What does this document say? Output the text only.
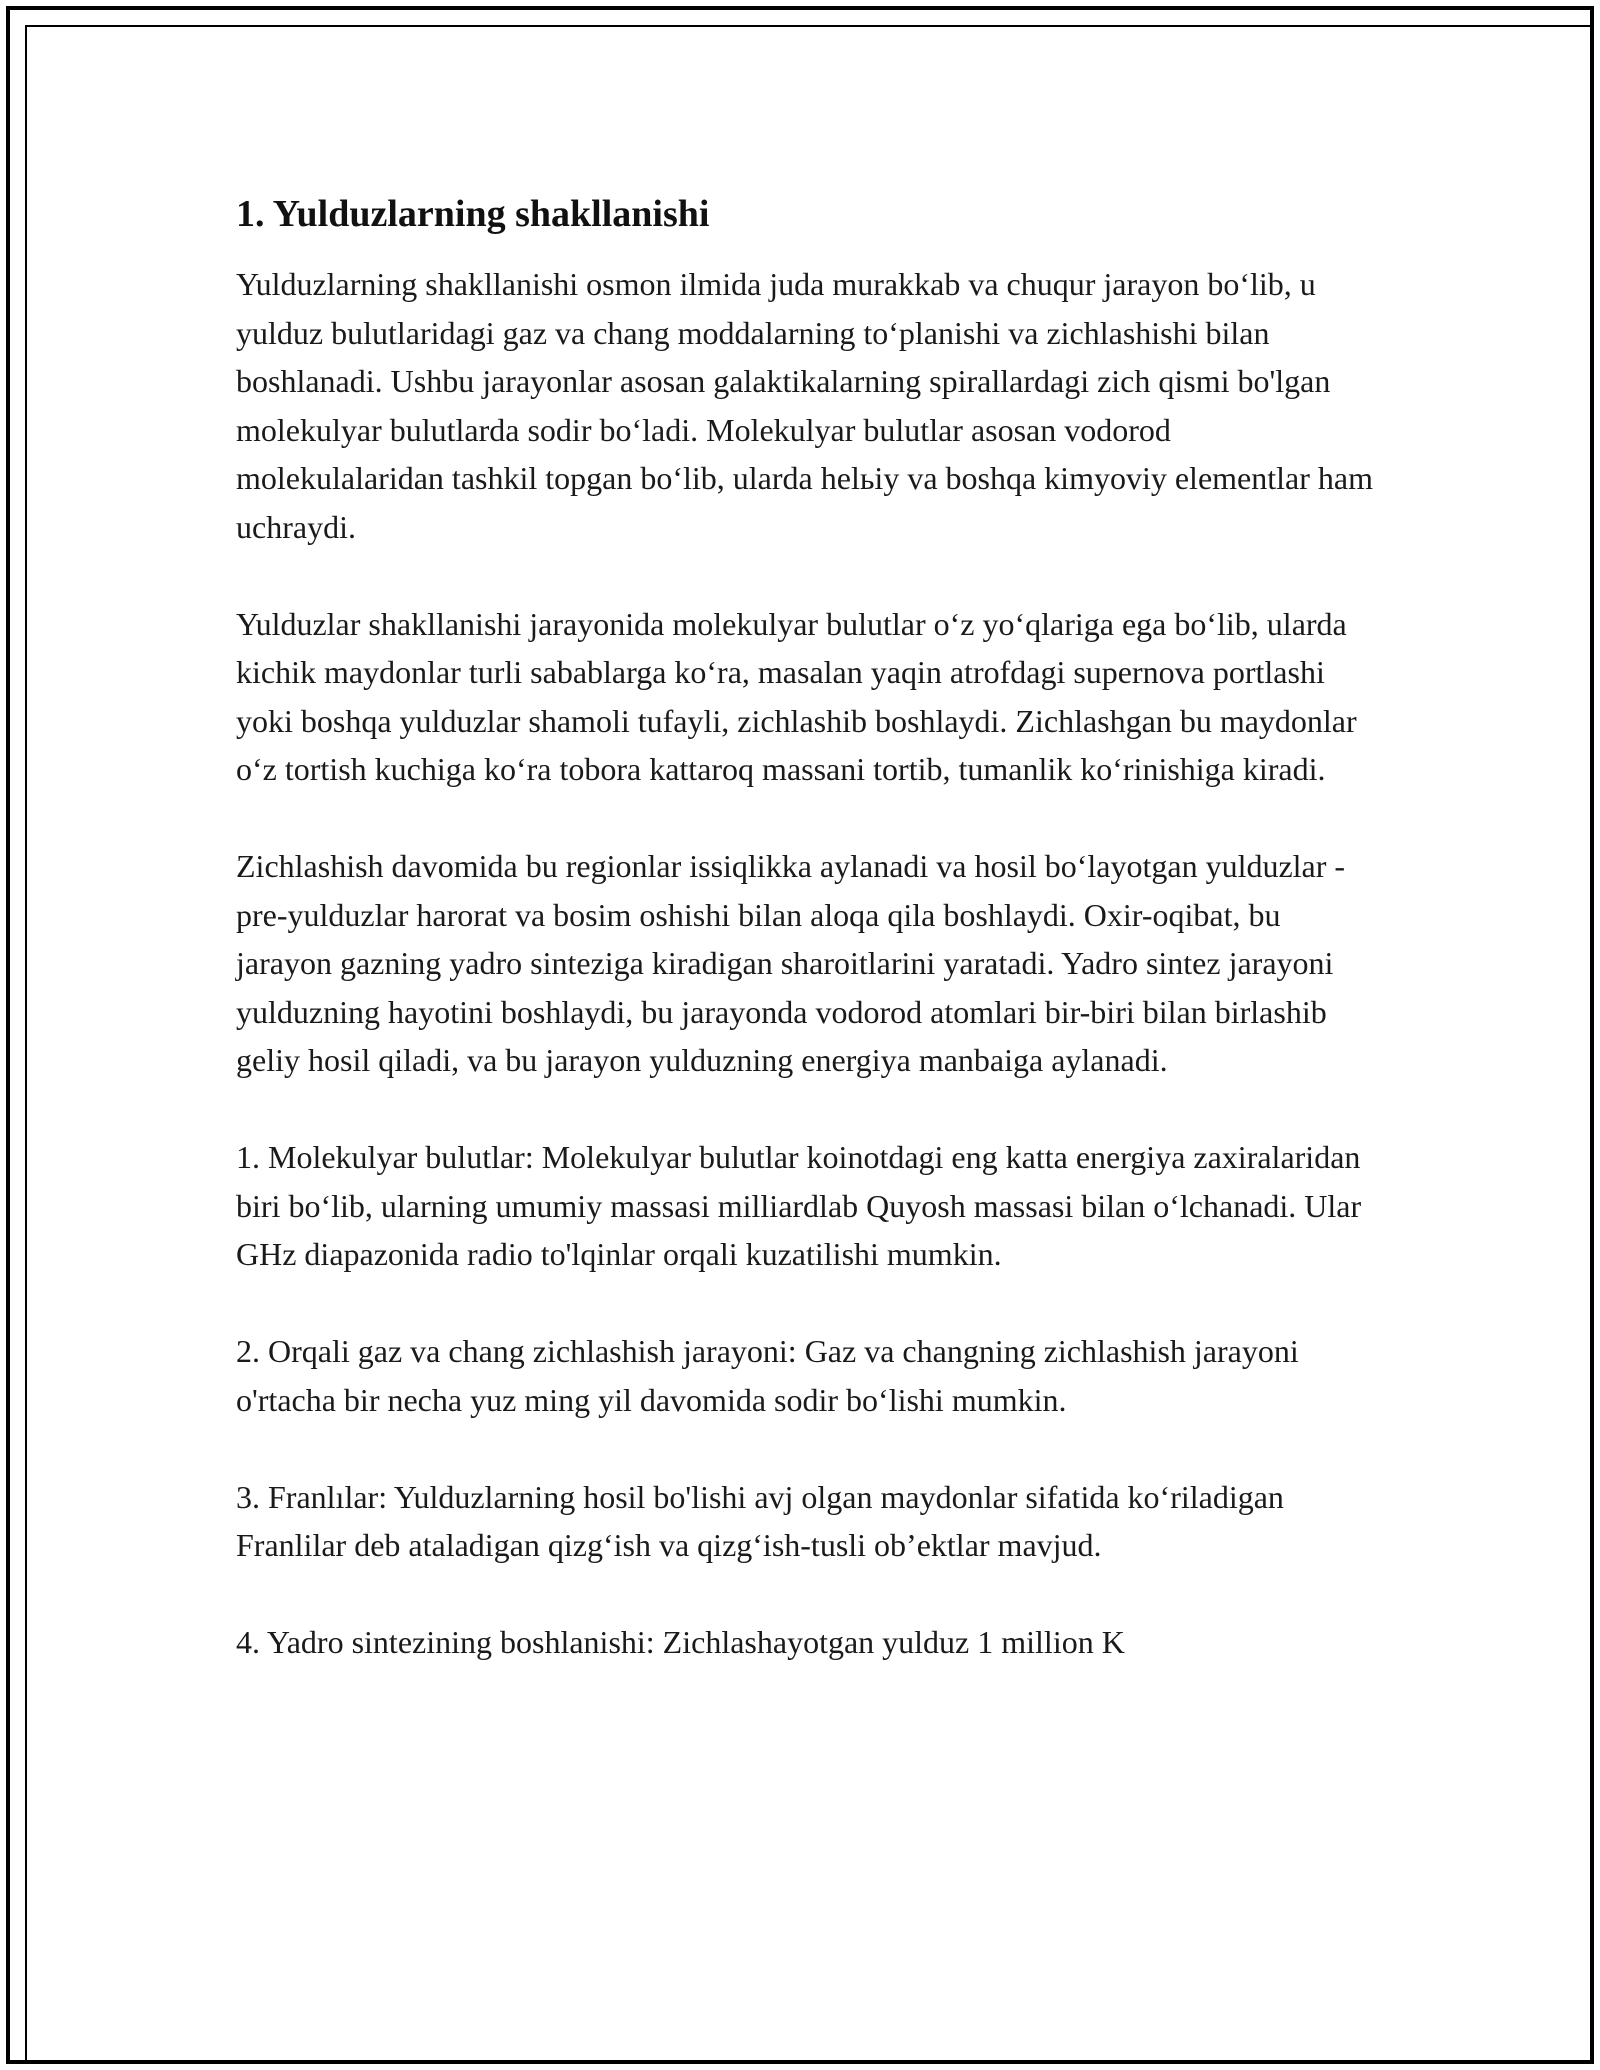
1. Yulduzlarning shakllanishi

Yulduzlarning shakllanishi osmon ilmida juda murakkab va chuqur jarayon bo‘lib, u yulduz bulutlaridagi gaz va chang moddalarning to‘planishi va zichlashishi bilan boshlanadi. Ushbu jarayonlar asosan galaktikalarning spirallardagi zich qismi bo'lgan molekulyar bulutlarda sodir bo‘ladi. Molekulyar bulutlar asosan vodorod molekulalaridan tashkil topgan bo‘lib, ularda helьiy va boshqa kimyoviy elementlar ham uchraydi.

Yulduzlar shakllanishi jarayonida molekulyar bulutlar o‘z yo‘qlariga ega bo‘lib, ularda kichik maydonlar turli sabablarga ko‘ra, masalan yaqin atrofdagi supernova portlashi yoki boshqa yulduzlar shamoli tufayli, zichlashib boshlaydi. Zichlashgan bu maydonlar o‘z tortish kuchiga ko‘ra tobora kattaroq massani tortib, tumanlik ko‘rinishiga kiradi.

Zichlashish davomida bu regionlar issiqlikka aylanadi va hosil bo‘layotgan yulduzlar - pre-yulduzlar harorat va bosim oshishi bilan aloqa qila boshlaydi. Oxir-oqibat, bu jarayon gazning yadro sinteziga kiradigan sharoitlarini yaratadi. Yadro sintez jarayoni yulduzning hayotini boshlaydi, bu jarayonda vodorod atomlari bir-biri bilan birlashib geliy hosil qiladi, va bu jarayon yulduzning energiya manbaiga aylanadi.

1. Molekulyar bulutlar: Molekulyar bulutlar koinotdagi eng katta energiya zaxiralaridan biri bo‘lib, ularning umumiy massasi milliardlab Quyosh massasi bilan o‘lchanadi. Ular GHz diapazonida radio to'lqinlar orqali kuzatilishi mumkin.

2. Orqali gaz va chang zichlashish jarayoni: Gaz va changning zichlashish jarayoni o'rtacha bir necha yuz ming yil davomida sodir bo‘lishi mumkin.

3. Franlılar: Yulduzlarning hosil bo'lishi avj olgan maydonlar sifatida ko‘riladigan Franlilar deb ataladigan qizg‘ish va qizg‘ish-tusli ob’ektlar mavjud.

4. Yadro sintezining boshlanishi: Zichlashayotgan yulduz 1 million K
